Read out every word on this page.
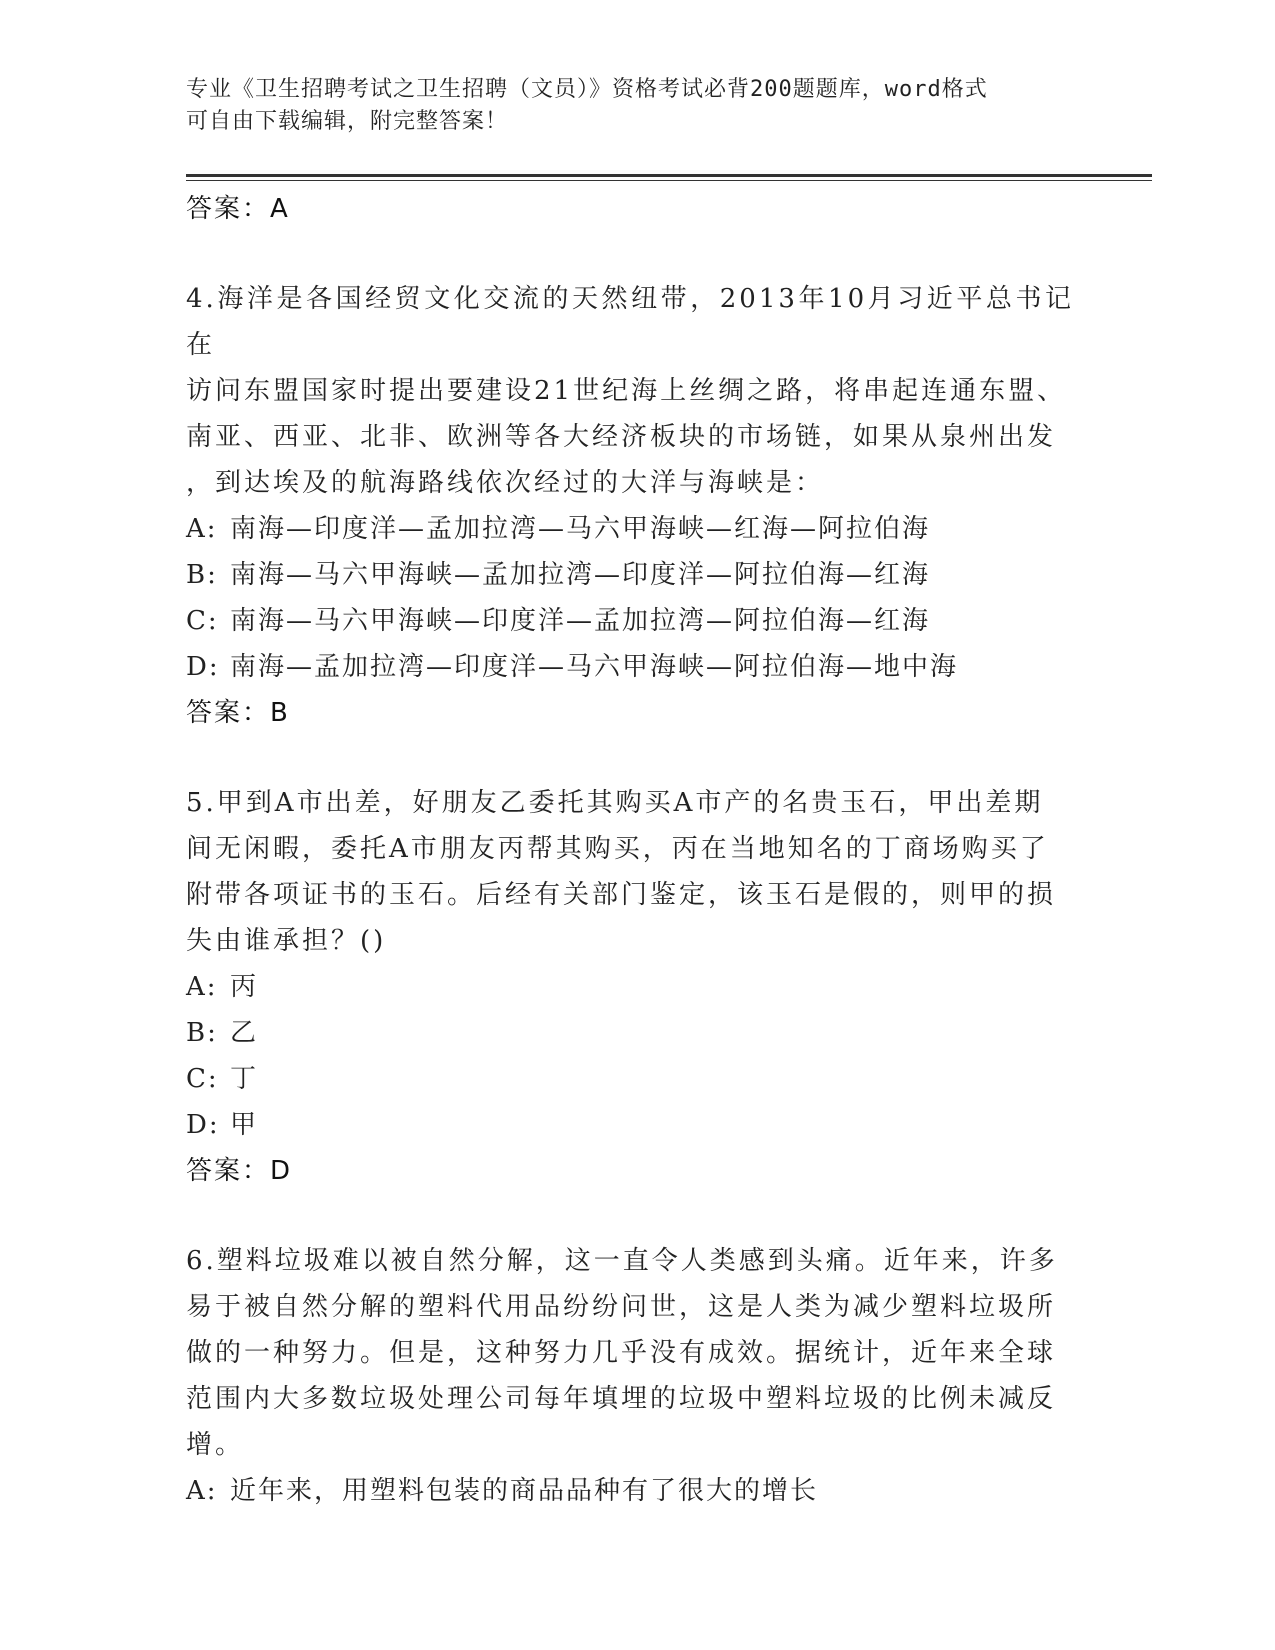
专业《卫生招聘考试之卫生招聘（文员）》资格考试必背200题题库，word格式
可自由下载编辑，附完整答案！
答案：A
4.海洋是各国经贸文化交流的天然纽带，2013年10月习近平总书记在
访问东盟国家时提出要建设21世纪海上丝绸之路，将串起连通东盟、
南亚、西亚、北非、欧洲等各大经济板块的市场链，如果从泉州出发
，到达埃及的航海路线依次经过的大洋与海峡是：
A: 南海—印度洋—孟加拉湾—马六甲海峡—红海—阿拉伯海
B: 南海—马六甲海峡—孟加拉湾—印度洋—阿拉伯海—红海
C: 南海—马六甲海峡—印度洋—孟加拉湾—阿拉伯海—红海
D: 南海—孟加拉湾—印度洋—马六甲海峡—阿拉伯海—地中海
答案：B
5.甲到A市出差，好朋友乙委托其购买A市产的名贵玉石，甲出差期
间无闲暇，委托A市朋友丙帮其购买，丙在当地知名的丁商场购买了
附带各项证书的玉石。后经有关部门鉴定，该玉石是假的，则甲的损
失由谁承担？()
A: 丙
B: 乙
C: 丁
D: 甲
答案：D
6.塑料垃圾难以被自然分解，这一直令人类感到头痛。近年来，许多
易于被自然分解的塑料代用品纷纷问世，这是人类为减少塑料垃圾所
做的一种努力。但是，这种努力几乎没有成效。据统计，近年来全球
范围内大多数垃圾处理公司每年填埋的垃圾中塑料垃圾的比例未减反
增。
A: 近年来，用塑料包装的商品品种有了很大的增长
